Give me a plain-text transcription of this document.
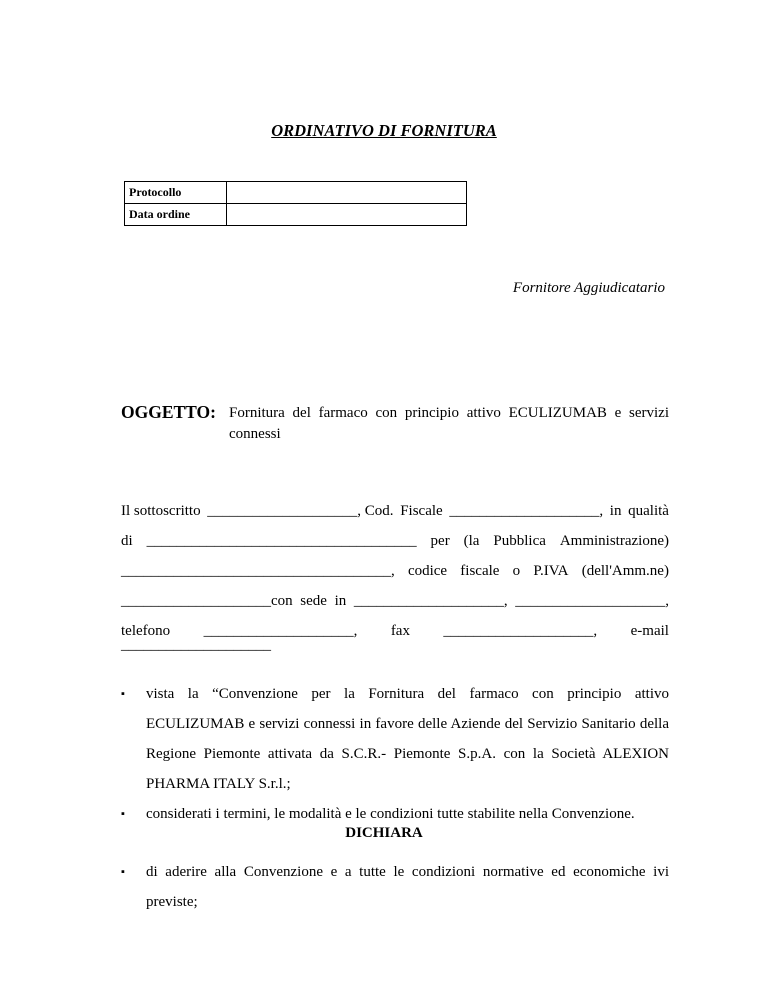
ORDINATIVO DI FORNITURA
Protocollo	
Data ordine	
Fornitore Aggiudicatario
OGGETTO: Fornitura del farmaco con principio attivo ECULIZUMAB e servizi connessi
Il sottoscritto ____________________, Cod. Fiscale ____________________, in qualità
di ____________________________________ per (la Pubblica Amministrazione)
____________________________________, codice fiscale o P.IVA (dell'Amm.ne)
____________________con sede in ____________________, ____________________,
telefono ____________________, fax ____________________, e-mail
____________________
▪ vista la “Convenzione per la Fornitura del farmaco con principio attivo ECULIZUMAB e servizi connessi in favore delle Aziende del Servizio Sanitario della Regione Piemonte attivata da S.C.R.- Piemonte S.p.A. con la Società ALEXION PHARMA ITALY S.r.l.;
▪ considerati i termini, le modalità e le condizioni tutte stabilite nella Convenzione.
DICHIARA
▪ di aderire alla Convenzione e a tutte le condizioni normative ed economiche ivi previste;
